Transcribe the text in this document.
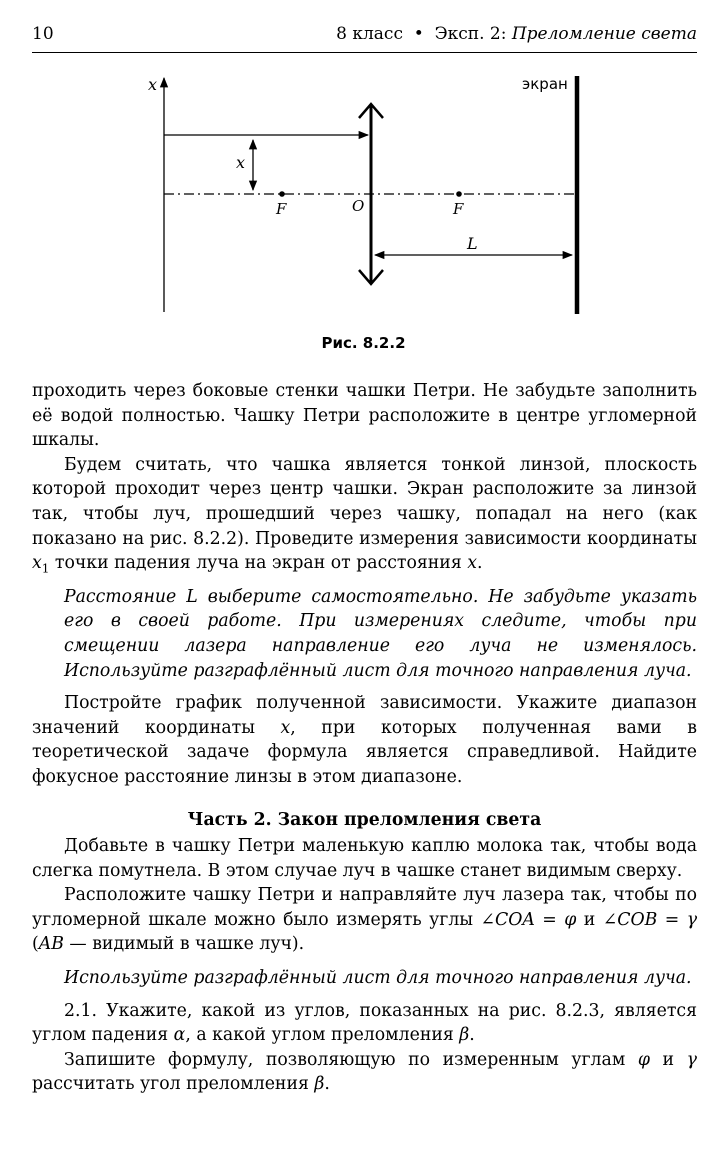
10	8 класс  •  Эксп. 2: Преломление света
x
x
F	O	F
экран
L
Рис. 8.2.2

проходить через боковые стенки чашки Петри. Не забудьте заполнить её водой полностью. Чашку Петри расположите в центре угломерной шкалы.

Будем считать, что чашка является тонкой линзой, плоскость которой проходит через центр чашки. Экран расположите за линзой так, чтобы луч, прошедший через чашку, попадал на него (как показано на рис. 8.2.2). Проведите измерения зависимости координаты $x_1$ точки падения луча на экран от расстояния x.

Расстояние L выберите самостоятельно. Не забудьте указать его в своей работе. При измерениях следите, чтобы при смещении лазера направление его луча не изменялось. Используйте разграфлённый лист для точного направления луча.

Постройте график полученной зависимости. Укажите диапазон значений координаты x, при которых полученная вами в теоретической задаче формула является справедливой. Найдите фокусное расстояние линзы в этом диапазоне.

Часть 2. Закон преломления света

Добавьте в чашку Петри маленькую каплю молока так, чтобы вода слегка помутнела. В этом случае луч в чашке станет видимым сверху.

Расположите чашку Петри и направляйте луч лазера так, чтобы по угломерной шкале можно было измерять углы ∠COA = φ и ∠COB = γ (AB — видимый в чашке луч).

Используйте разграфлённый лист для точного направления луча.

2.1. Укажите, какой из углов, показанных на рис. 8.2.3, является углом падения α, а какой углом преломления β.

Запишите формулу, позволяющую по измеренным углам φ и γ рассчитать угол преломления β.
